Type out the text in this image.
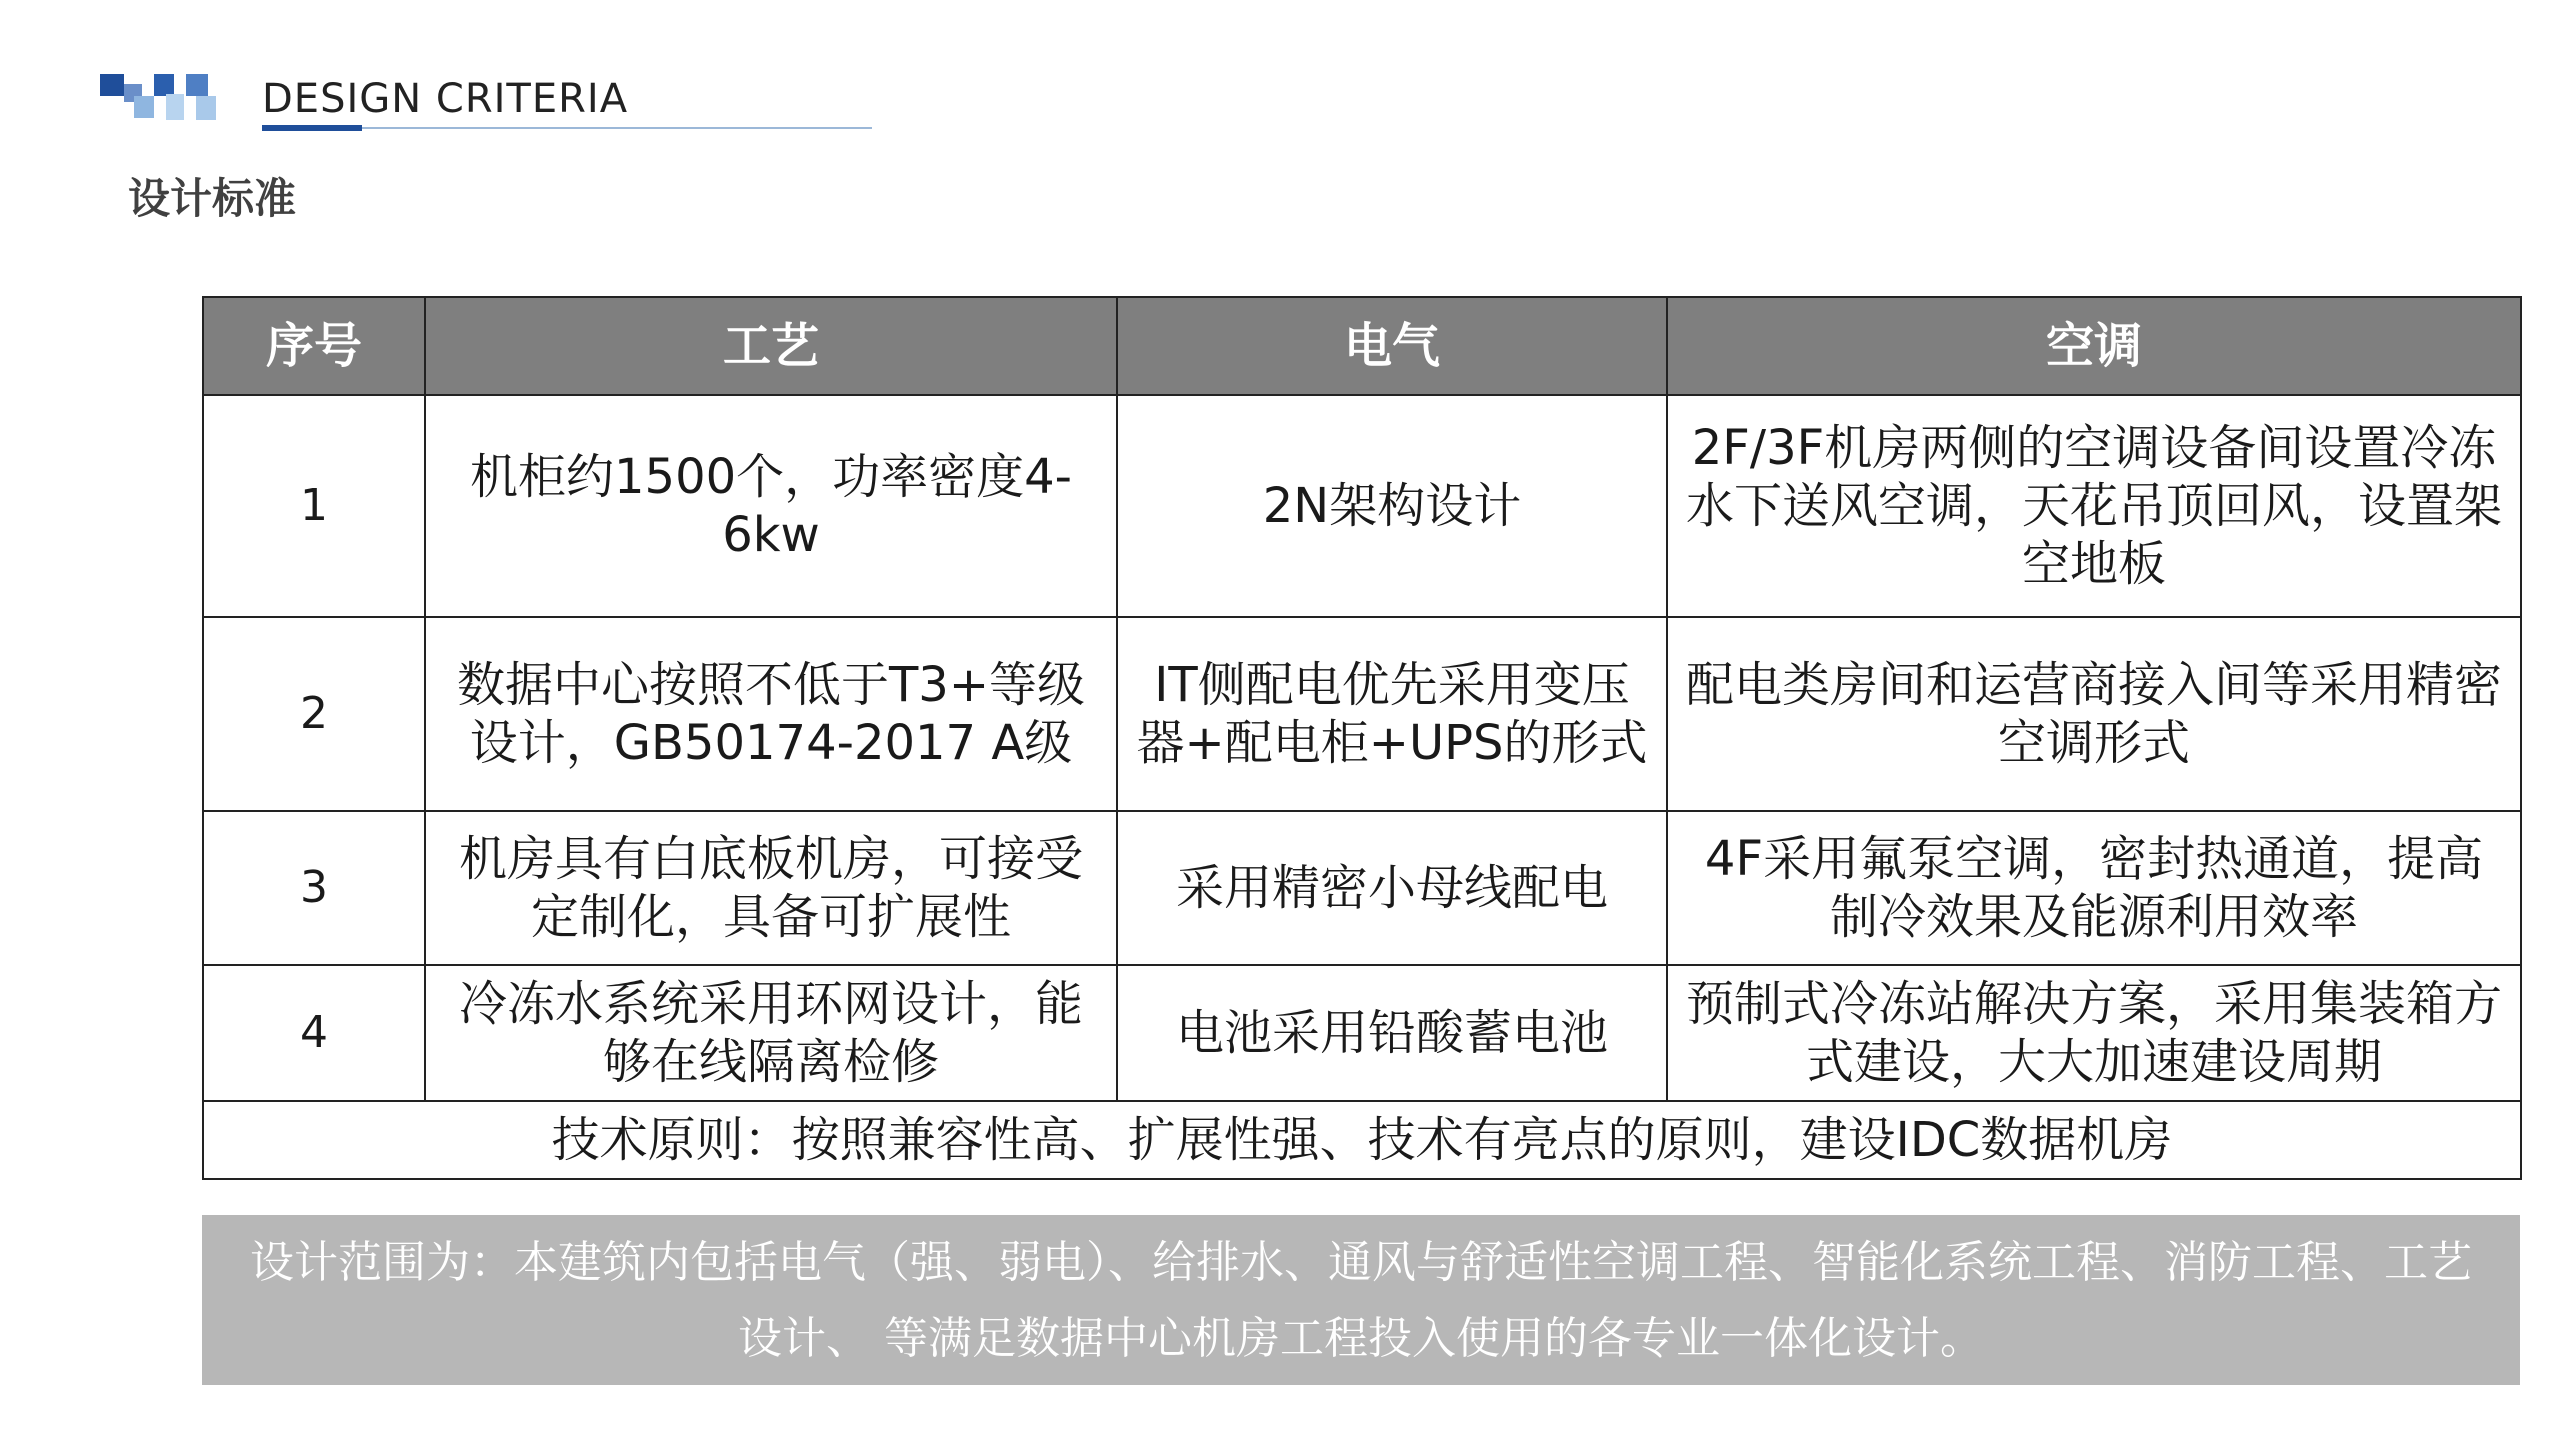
DESIGN CRITERIA
设计标准
序号	工艺	电气	空调
1	机柜约1500个，功率密度4-6kw	2N架构设计	2F/3F机房两侧的空调设备间设置冷冻水下送风空调，天花吊顶回风，设置架空地板
2	数据中心按照不低于T3+等级设计，GB50174-2017 A级	IT侧配电优先采用变压器+配电柜+UPS的形式	配电类房间和运营商接入间等采用精密空调形式
3	机房具有白底板机房，可接受定制化，具备可扩展性	采用精密小母线配电	4F采用氟泵空调，密封热通道，提高制冷效果及能源利用效率
4	冷冻水系统采用环网设计，能够在线隔离检修	电池采用铅酸蓄电池	预制式冷冻站解决方案，采用集装箱方式建设，大大加速建设周期
技术原则：按照兼容性高、扩展性强、技术有亮点的原则，建设IDC数据机房			
设计范围为：本建筑内包括电气（强、弱电）、给排水、通风与舒适性空调工程、智能化系统工程、消防工程、工艺设计、 等满足数据中心机房工程投入使用的各专业一体化设计。
